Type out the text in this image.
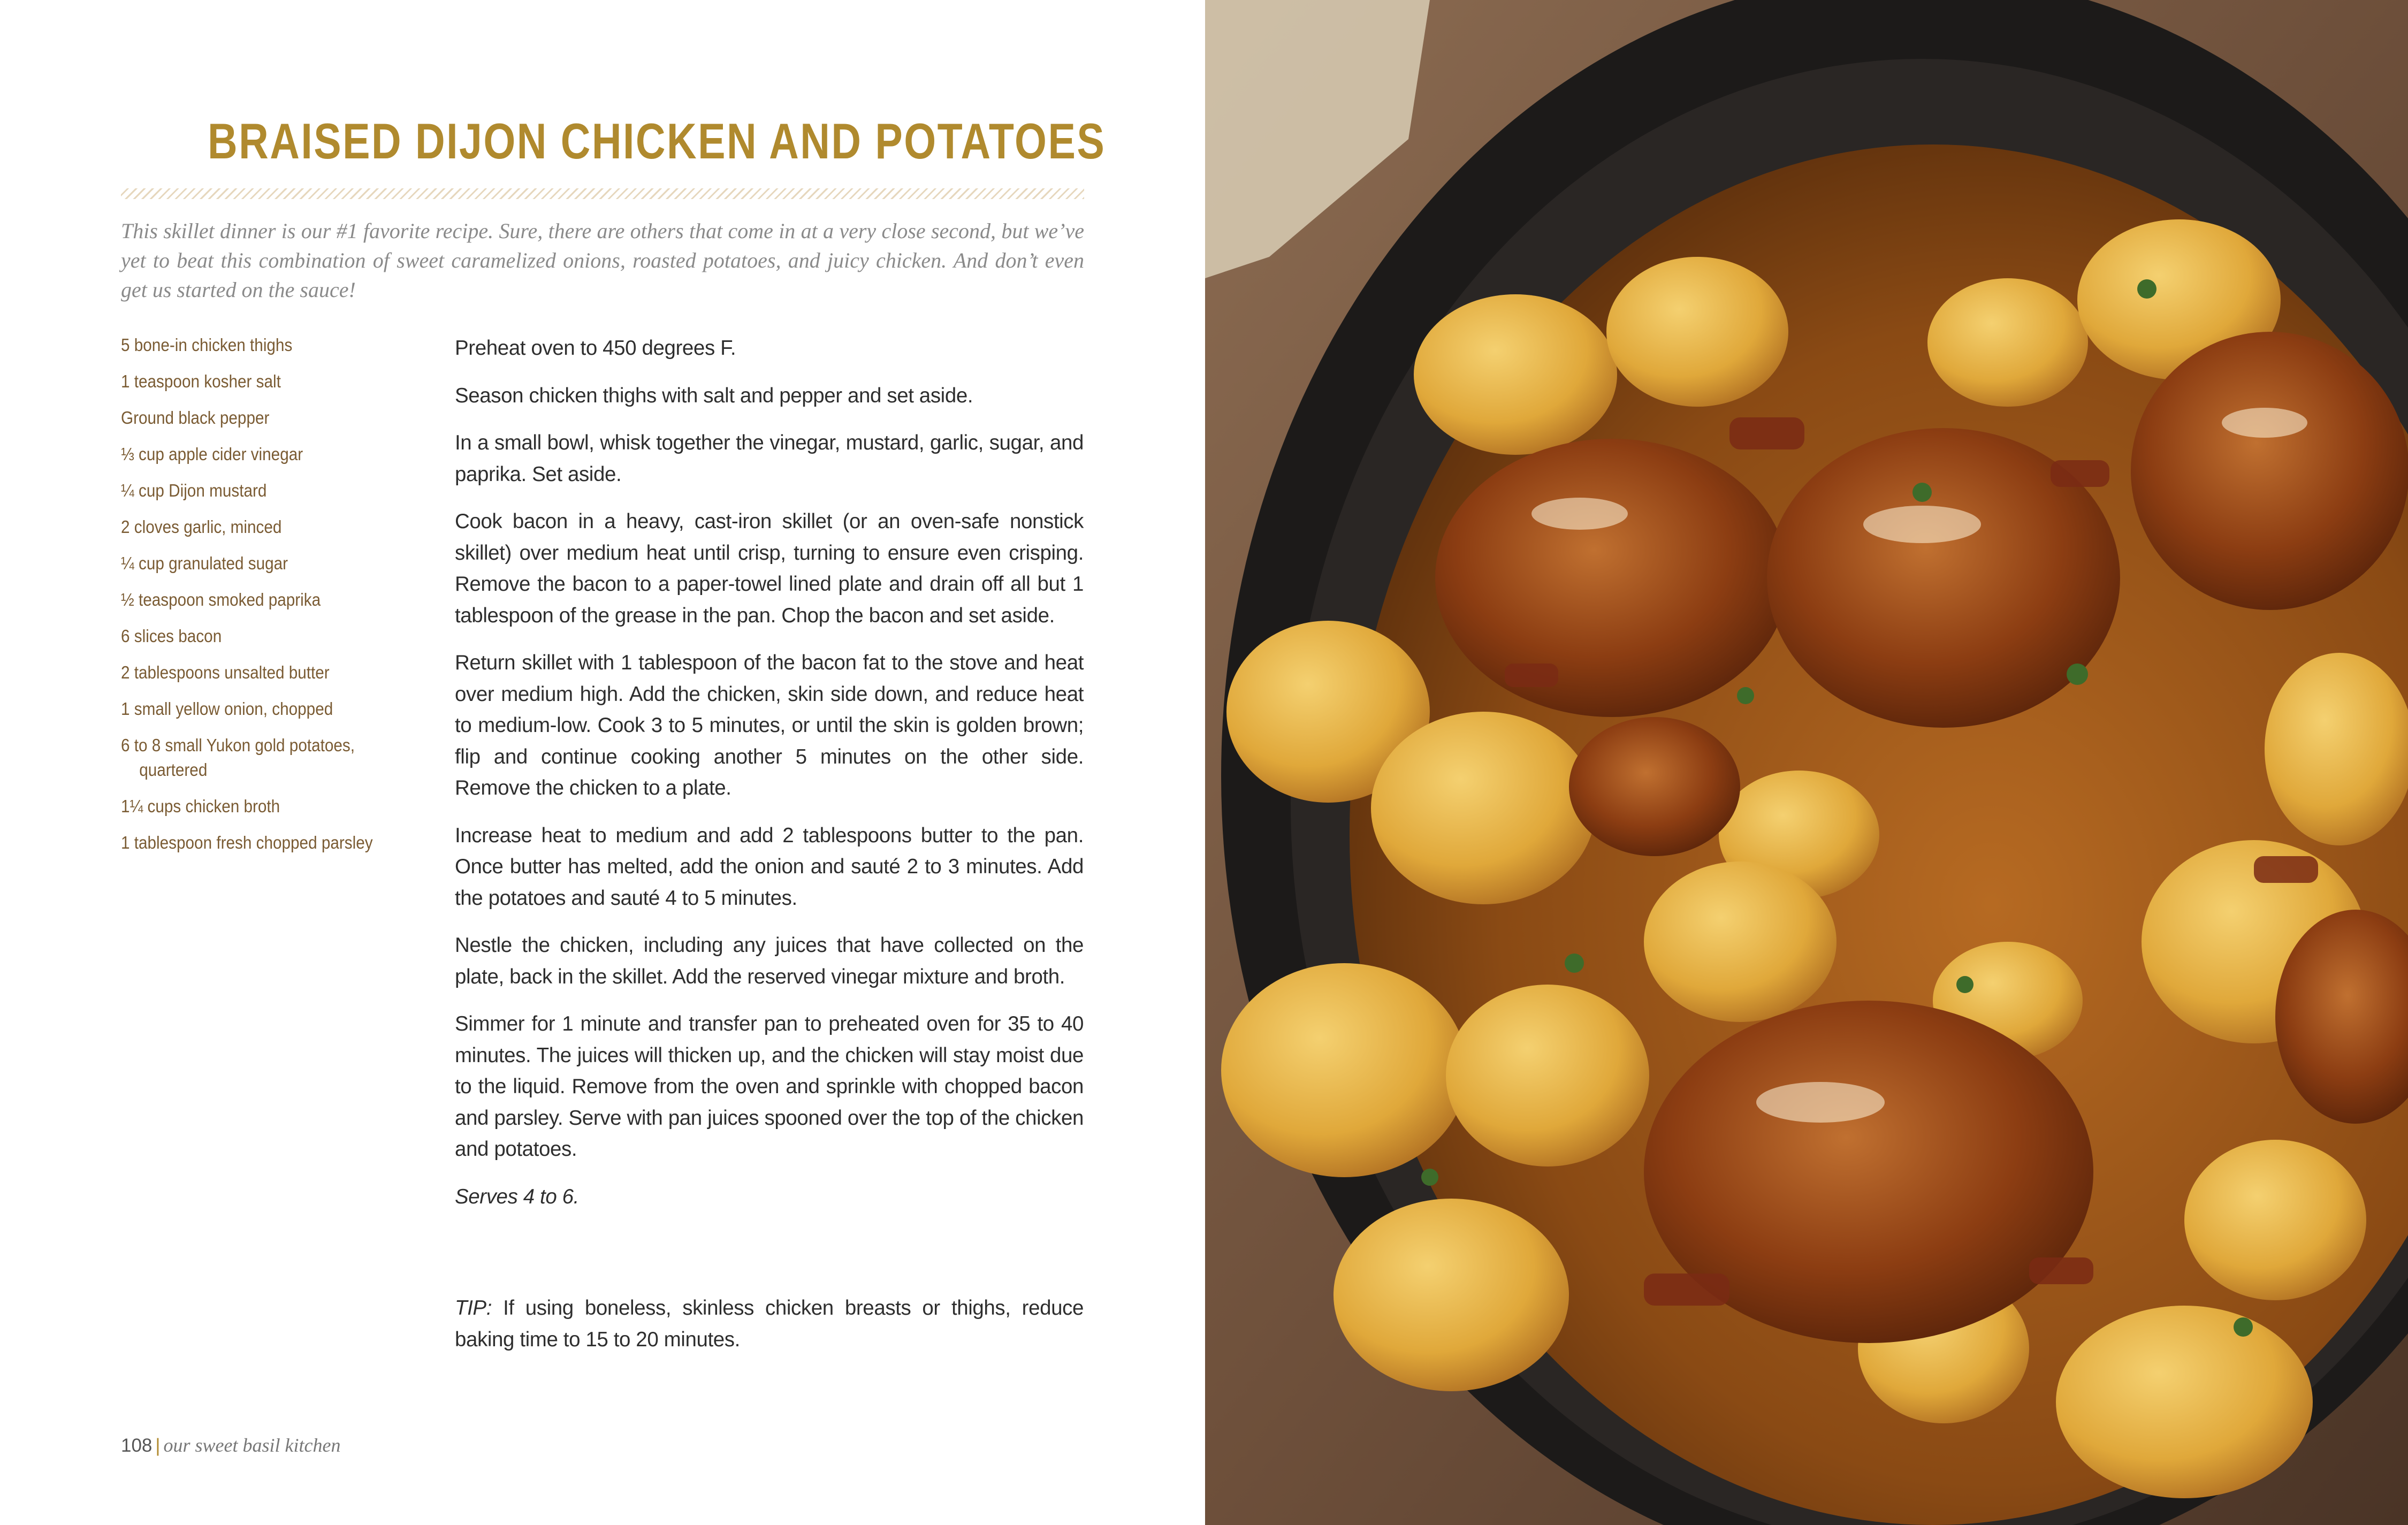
BRAISED DIJON CHICKEN AND POTATOES
This skillet dinner is our #1 favorite recipe. Sure, there are others that come in at a very close second, but we’ve yet to beat this combination of sweet caramelized onions, roasted potatoes, and juicy chicken. And don’t even get us started on the sauce!
5 bone-in chicken thighs
1 teaspoon kosher salt
Ground black pepper
⅓ cup apple cider vinegar
¼ cup Dijon mustard
2 cloves garlic, minced
¼ cup granulated sugar
½ teaspoon smoked paprika
6 slices bacon
2 tablespoons unsalted butter
1 small yellow onion, chopped
6 to 8 small Yukon gold potatoes,
quartered
1¼ cups chicken broth
1 tablespoon fresh chopped parsley

Preheat oven to 450 degrees F.

Season chicken thighs with salt and pepper and set aside.

In a small bowl, whisk together the vinegar, mustard, garlic, sugar, and paprika. Set aside.

Cook bacon in a heavy, cast-iron skillet (or an oven-safe nonstick skillet) over medium heat until crisp, turning to ensure even crisping. Remove the bacon to a paper-towel lined plate and drain off all but 1 tablespoon of the grease in the pan. Chop the bacon and set aside.

Return skillet with 1 tablespoon of the bacon fat to the stove and heat over medium high. Add the chicken, skin side down, and reduce heat to medium-low. Cook 3 to 5 minutes, or until the skin is golden brown; flip and continue cooking another 5 minutes on the other side. Remove the chicken to a plate.

Increase heat to medium and add 2 tablespoons butter to the pan. Once butter has melted, add the onion and sauté 2 to 3 minutes. Add the potatoes and sauté 4 to 5 minutes.

Nestle the chicken, including any juices that have collected on the plate, back in the skillet. Add the reserved vinegar mixture and broth.

Simmer for 1 minute and transfer pan to preheated oven for 35 to 40 minutes. The juices will thicken up, and the chicken will stay moist due to the liquid. Remove from the oven and sprinkle with chopped bacon and parsley. Serve with pan juices spooned over the top of the chicken and potatoes.

Serves 4 to 6.

TIP: If using boneless, skinless chicken breasts or thighs, reduce baking time to 15 to 20 minutes.

108 | our sweet basil kitchen
